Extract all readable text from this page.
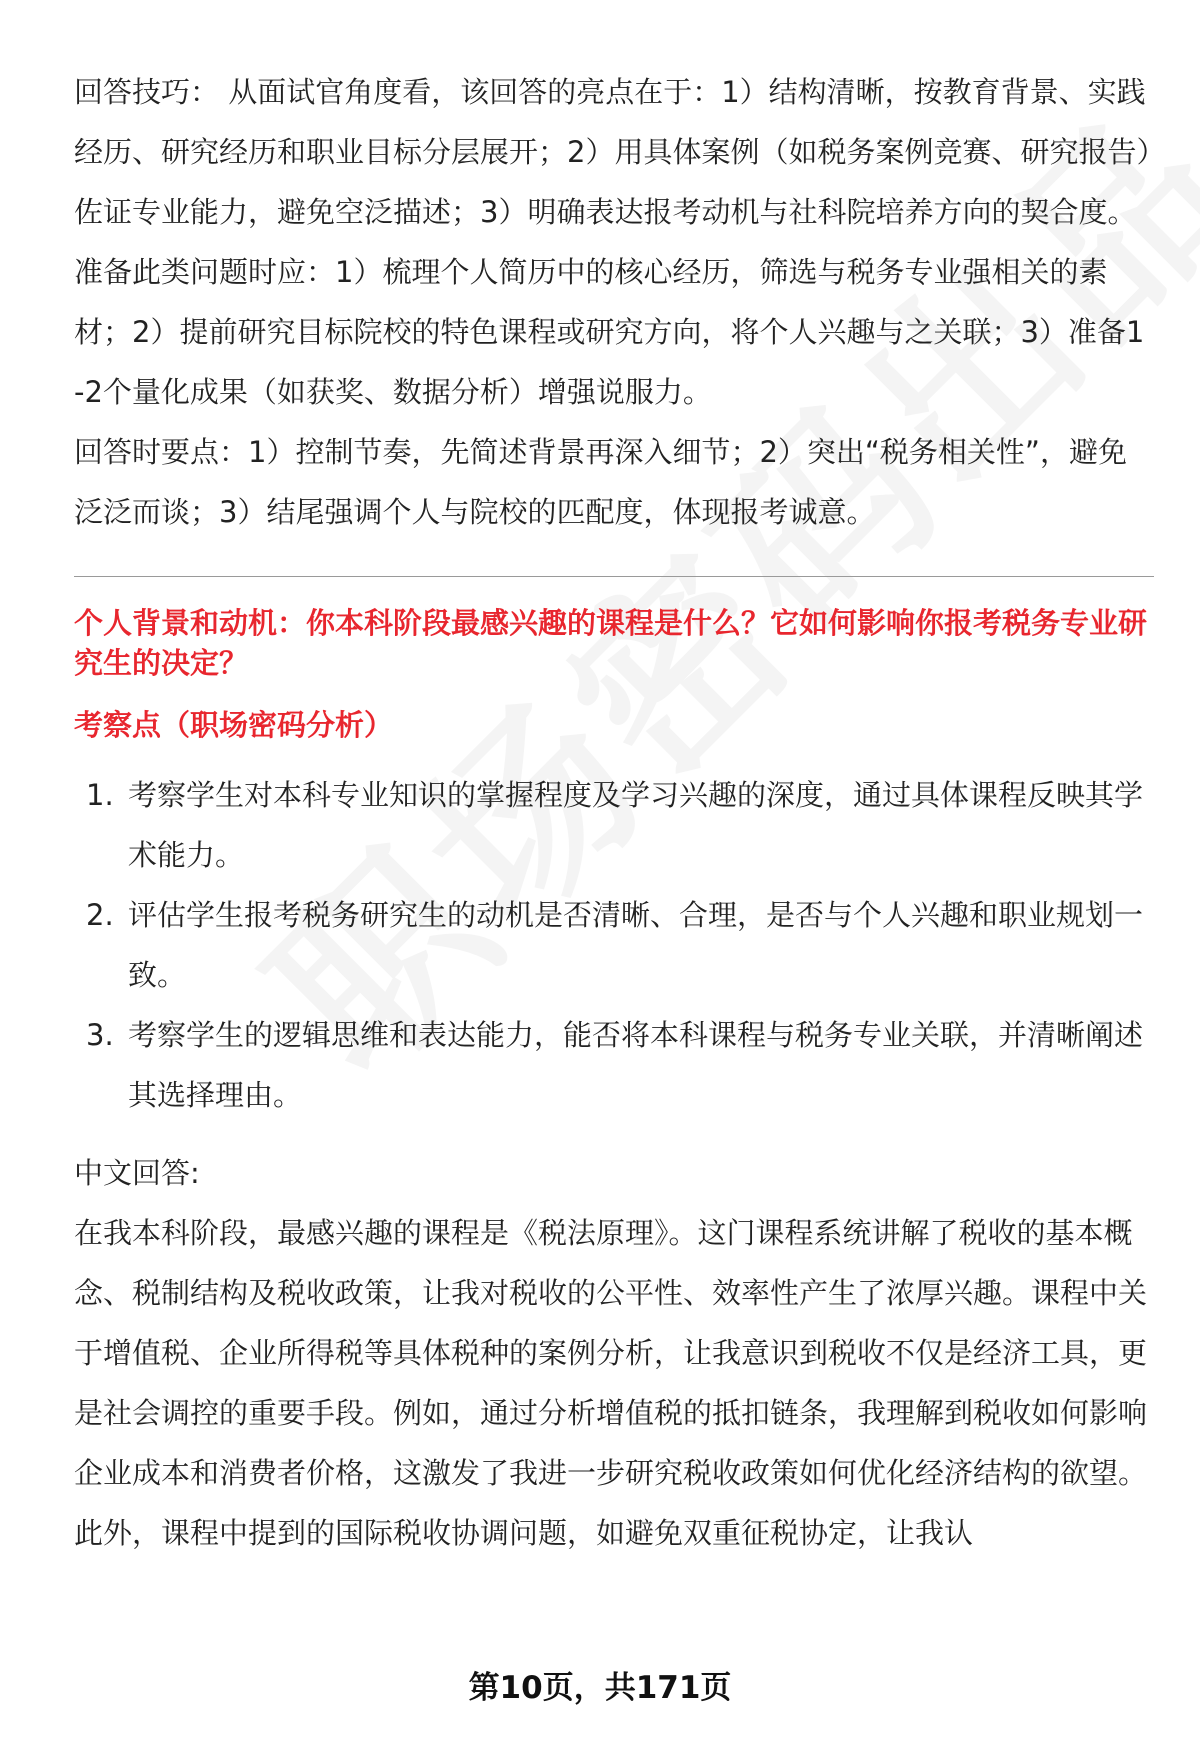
回答技巧： 从面试官角度看，该回答的亮点在于：1）结构清晰，按教育背景、实践经历、研究经历和职业目标分层展开；2）用具体案例（如税务案例竞赛、研究报告）佐证专业能力，避免空泛描述；3）明确表达报考动机与社科院培养方向的契合度。

准备此类问题时应：1）梳理个人简历中的核心经历，筛选与税务专业强相关的素材；2）提前研究目标院校的特色课程或研究方向，将个人兴趣与之关联；3）准备1-2个量化成果（如获奖、数据分析）增强说服力。

回答时要点：1）控制节奏，先简述背景再深入细节；2）突出“税务相关性”，避免泛泛而谈；3）结尾强调个人与院校的匹配度，体现报考诚意。

个人背景和动机：你本科阶段最感兴趣的课程是什么？它如何影响你报考税务专业研究生的决定？
考察点（职场密码分析）
1. 考察学生对本科专业知识的掌握程度及学习兴趣的深度，通过具体课程反映其学术能力。
2. 评估学生报考税务研究生的动机是否清晰、合理，是否与个人兴趣和职业规划一致。
3. 考察学生的逻辑思维和表达能力，能否将本科课程与税务专业关联，并清晰阐述其选择理由。
中文回答:

在我本科阶段，最感兴趣的课程是《税法原理》。这门课程系统讲解了税收的基本概念、税制结构及税收政策，让我对税收的公平性、效率性产生了浓厚兴趣。课程中关于增值税、企业所得税等具体税种的案例分析，让我意识到税收不仅是经济工具，更是社会调控的重要手段。例如，通过分析增值税的抵扣链条，我理解到税收如何影响企业成本和消费者价格，这激发了我进一步研究税收政策如何优化经济结构的欲望。此外，课程中提到的国际税收协调问题，如避免双重征税协定，让我认

第10页，共171页
